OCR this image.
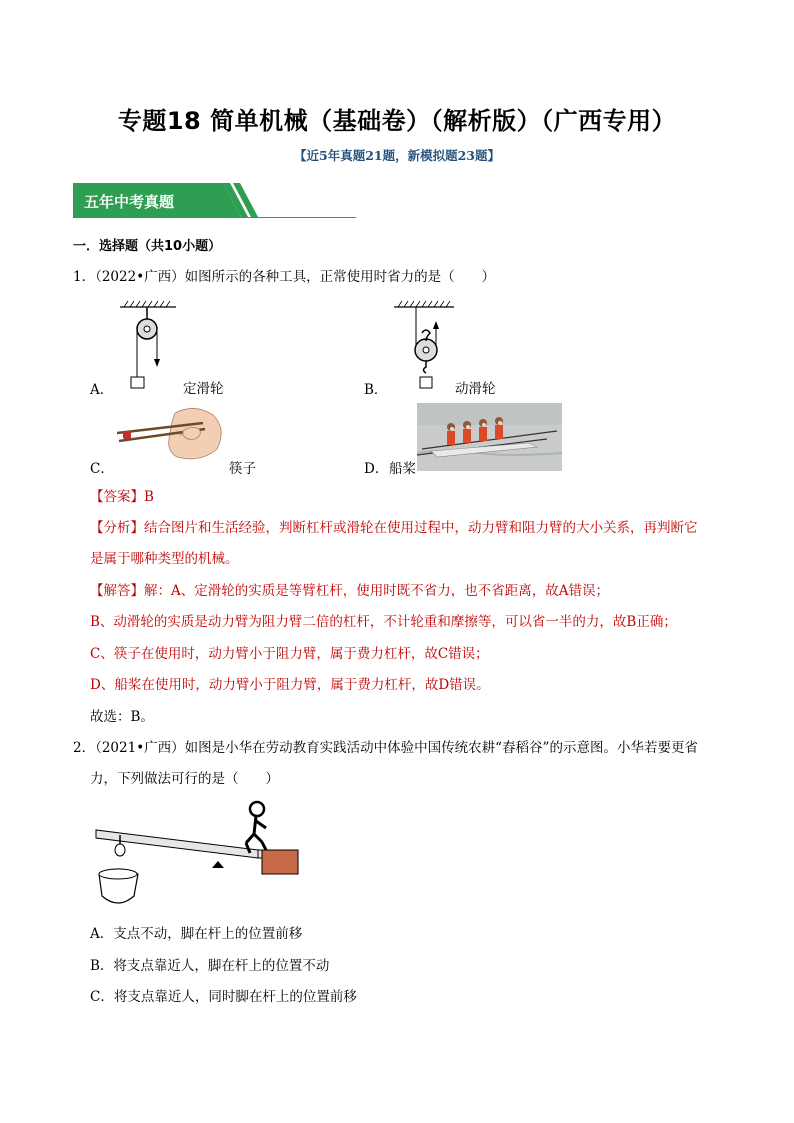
专题18 简单机械（基础卷）（解析版）（广西专用）
【近5年真题21题，新模拟题23题】
五年中考真题
一．选择题（共10小题）
1．（2022•广西）如图所示的各种工具，正常使用时省力的是（　　）
A．	定滑轮	B．	动滑轮
C．	筷子	D． 船桨
【答案】B
【分析】结合图片和生活经验，判断杠杆或滑轮在使用过程中，动力臂和阻力臂的大小关系，再判断它
是属于哪种类型的机械。
【解答】解：A、定滑轮的实质是等臂杠杆，使用时既不省力，也不省距离，故A错误；
B、动滑轮的实质是动力臂为阻力臂二倍的杠杆，不计轮重和摩擦等，可以省一半的力，故B正确；
C、筷子在使用时，动力臂小于阻力臂，属于费力杠杆，故C错误；
D、船桨在使用时，动力臂小于阻力臂，属于费力杠杆，故D错误。
故选：B。
2．（2021•广西）如图是小华在劳动教育实践活动中体验中国传统农耕“舂稻谷”的示意图。小华若要更省
力，下列做法可行的是（　　）
A．支点不动，脚在杆上的位置前移
B．将支点靠近人，脚在杆上的位置不动
C．将支点靠近人，同时脚在杆上的位置前移
